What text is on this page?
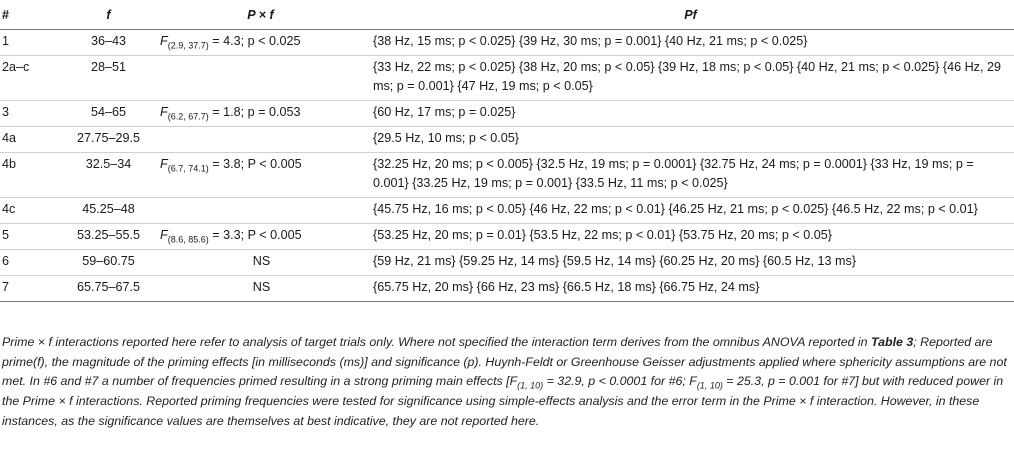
#	f	P × f	Pf
1	36–43	$F_{(2.9, 37.7)} = 4.3$; p < 0.025	{38 Hz, 15 ms; p < 0.025} {39 Hz, 30 ms; p = 0.001} {40 Hz, 21 ms; p < 0.025}
2a–c	28–51		{33 Hz, 22 ms; p < 0.025} {38 Hz, 20 ms; p < 0.05} {39 Hz, 18 ms; p < 0.05} {40 Hz, 21 ms; p < 0.025} {46 Hz, 29 ms; p = 0.001} {47 Hz, 19 ms; p < 0.05}
3	54–65	$F_{(6.2, 67.7)} = 1.8$; p = 0.053	{60 Hz, 17 ms; p = 0.025}
4a	27.75–29.5		{29.5 Hz, 10 ms; p < 0.05}
4b	32.5–34	$F_{(6.7, 74.1)} = 3.8$; P < 0.005	{32.25 Hz, 20 ms; p < 0.005} {32.5 Hz, 19 ms; p = 0.0001} {32.75 Hz, 24 ms; p = 0.0001} {33 Hz, 19 ms; p = 0.001} {33.25 Hz, 19 ms; p = 0.001} {33.5 Hz, 11 ms; p < 0.025}
4c	45.25–48		{45.75 Hz, 16 ms; p < 0.05} {46 Hz, 22 ms; p < 0.01} {46.25 Hz, 21 ms; p < 0.025} {46.5 Hz, 22 ms; p < 0.01}
5	53.25–55.5	$F_{(8.6, 85.6)} = 3.3$; P < 0.005	{53.25 Hz, 20 ms; p = 0.01} {53.5 Hz, 22 ms; p < 0.01} {53.75 Hz, 20 ms; p < 0.05}
6	59–60.75	NS	{59 Hz, 21 ms} {59.25 Hz, 14 ms} {59.5 Hz, 14 ms} {60.25 Hz, 20 ms} {60.5 Hz, 13 ms}
7	65.75–67.5	NS	{65.75 Hz, 20 ms} {66 Hz, 23 ms} {66.5 Hz, 18 ms} {66.75 Hz, 24 ms}

Prime × f interactions reported here refer to analysis of target trials only. Where not specified the interaction term derives from the omnibus ANOVA reported in Table 3; Reported are prime(f), the magnitude of the priming effects [in milliseconds (ms)] and significance (p). Huynh-Feldt or Greenhouse Geisser adjustments applied where sphericity assumptions are not met. In #6 and #7 a number of frequencies primed resulting in a strong priming main effects [$F_{(1, 10)} = 32.9$, p < 0.0001 for #6; $F_{(1, 10)} = 25.3$, p = 0.001 for #7] but with reduced power in the Prime × f interactions. Reported priming frequencies were tested for significance using simple-effects analysis and the error term in the Prime × f interaction. However, in these instances, as the significance values are themselves at best indicative, they are not reported here.
